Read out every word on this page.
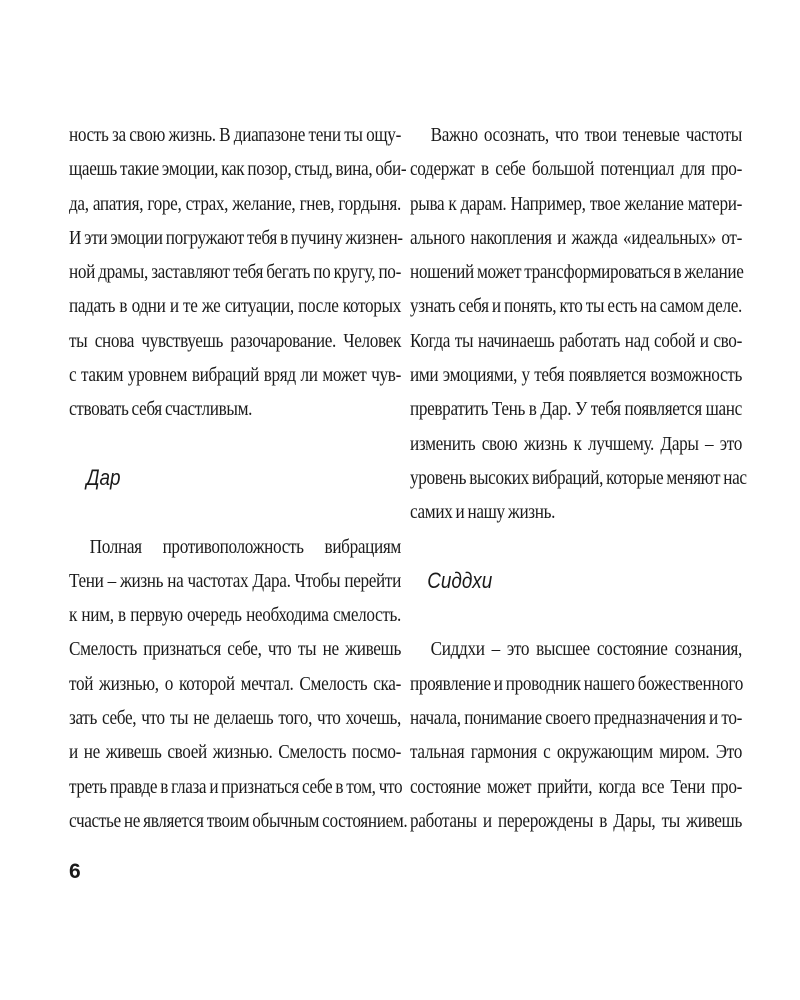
ность за свою жизнь. В диапазоне тени ты ощу-
щаешь такие эмоции, как позор, стыд, вина, оби-
да, апатия, горе, страх, желание, гнев, гордыня.
И эти эмоции погружают тебя в пучину жизнен-
ной драмы, заставляют тебя бегать по кругу, по-
падать в одни и те же ситуации, после которых
ты снова чувствуешь разочарование. Человек
с таким уровнем вибраций вряд ли может чув-
ствовать себя счастливым.
Дар
Полная противоположность вибрациям
Тени – жизнь на частотах Дара. Чтобы перейти
к ним, в первую очередь необходима смелость.
Смелость признаться себе, что ты не живешь
той жизнью, о которой мечтал. Смелость ска-
зать себе, что ты не делаешь того, что хочешь,
и не живешь своей жизнью. Смелость посмо-
треть правде в глаза и признаться себе в том, что
счастье не является твоим обычным состоянием.
Важно осознать, что твои теневые частоты
содержат в себе большой потенциал для про-
рыва к дарам. Например, твое желание матери-
ального накопления и жажда «идеальных» от-
ношений может трансформироваться в желание
узнать себя и понять, кто ты есть на самом деле.
Когда ты начинаешь работать над собой и сво-
ими эмоциями, у тебя появляется возможность
превратить Тень в Дар. У тебя появляется шанс
изменить свою жизнь к лучшему. Дары – это
уровень высоких вибраций, которые меняют нас
самих и нашу жизнь.
Сиддхи
Сиддхи – это высшее состояние сознания,
проявление и проводник нашего божественного
начала, понимание своего предназначения и то-
тальная гармония с окружающим миром. Это
состояние может прийти, когда все Тени про-
работаны и перерождены в Дары, ты живешь
6
